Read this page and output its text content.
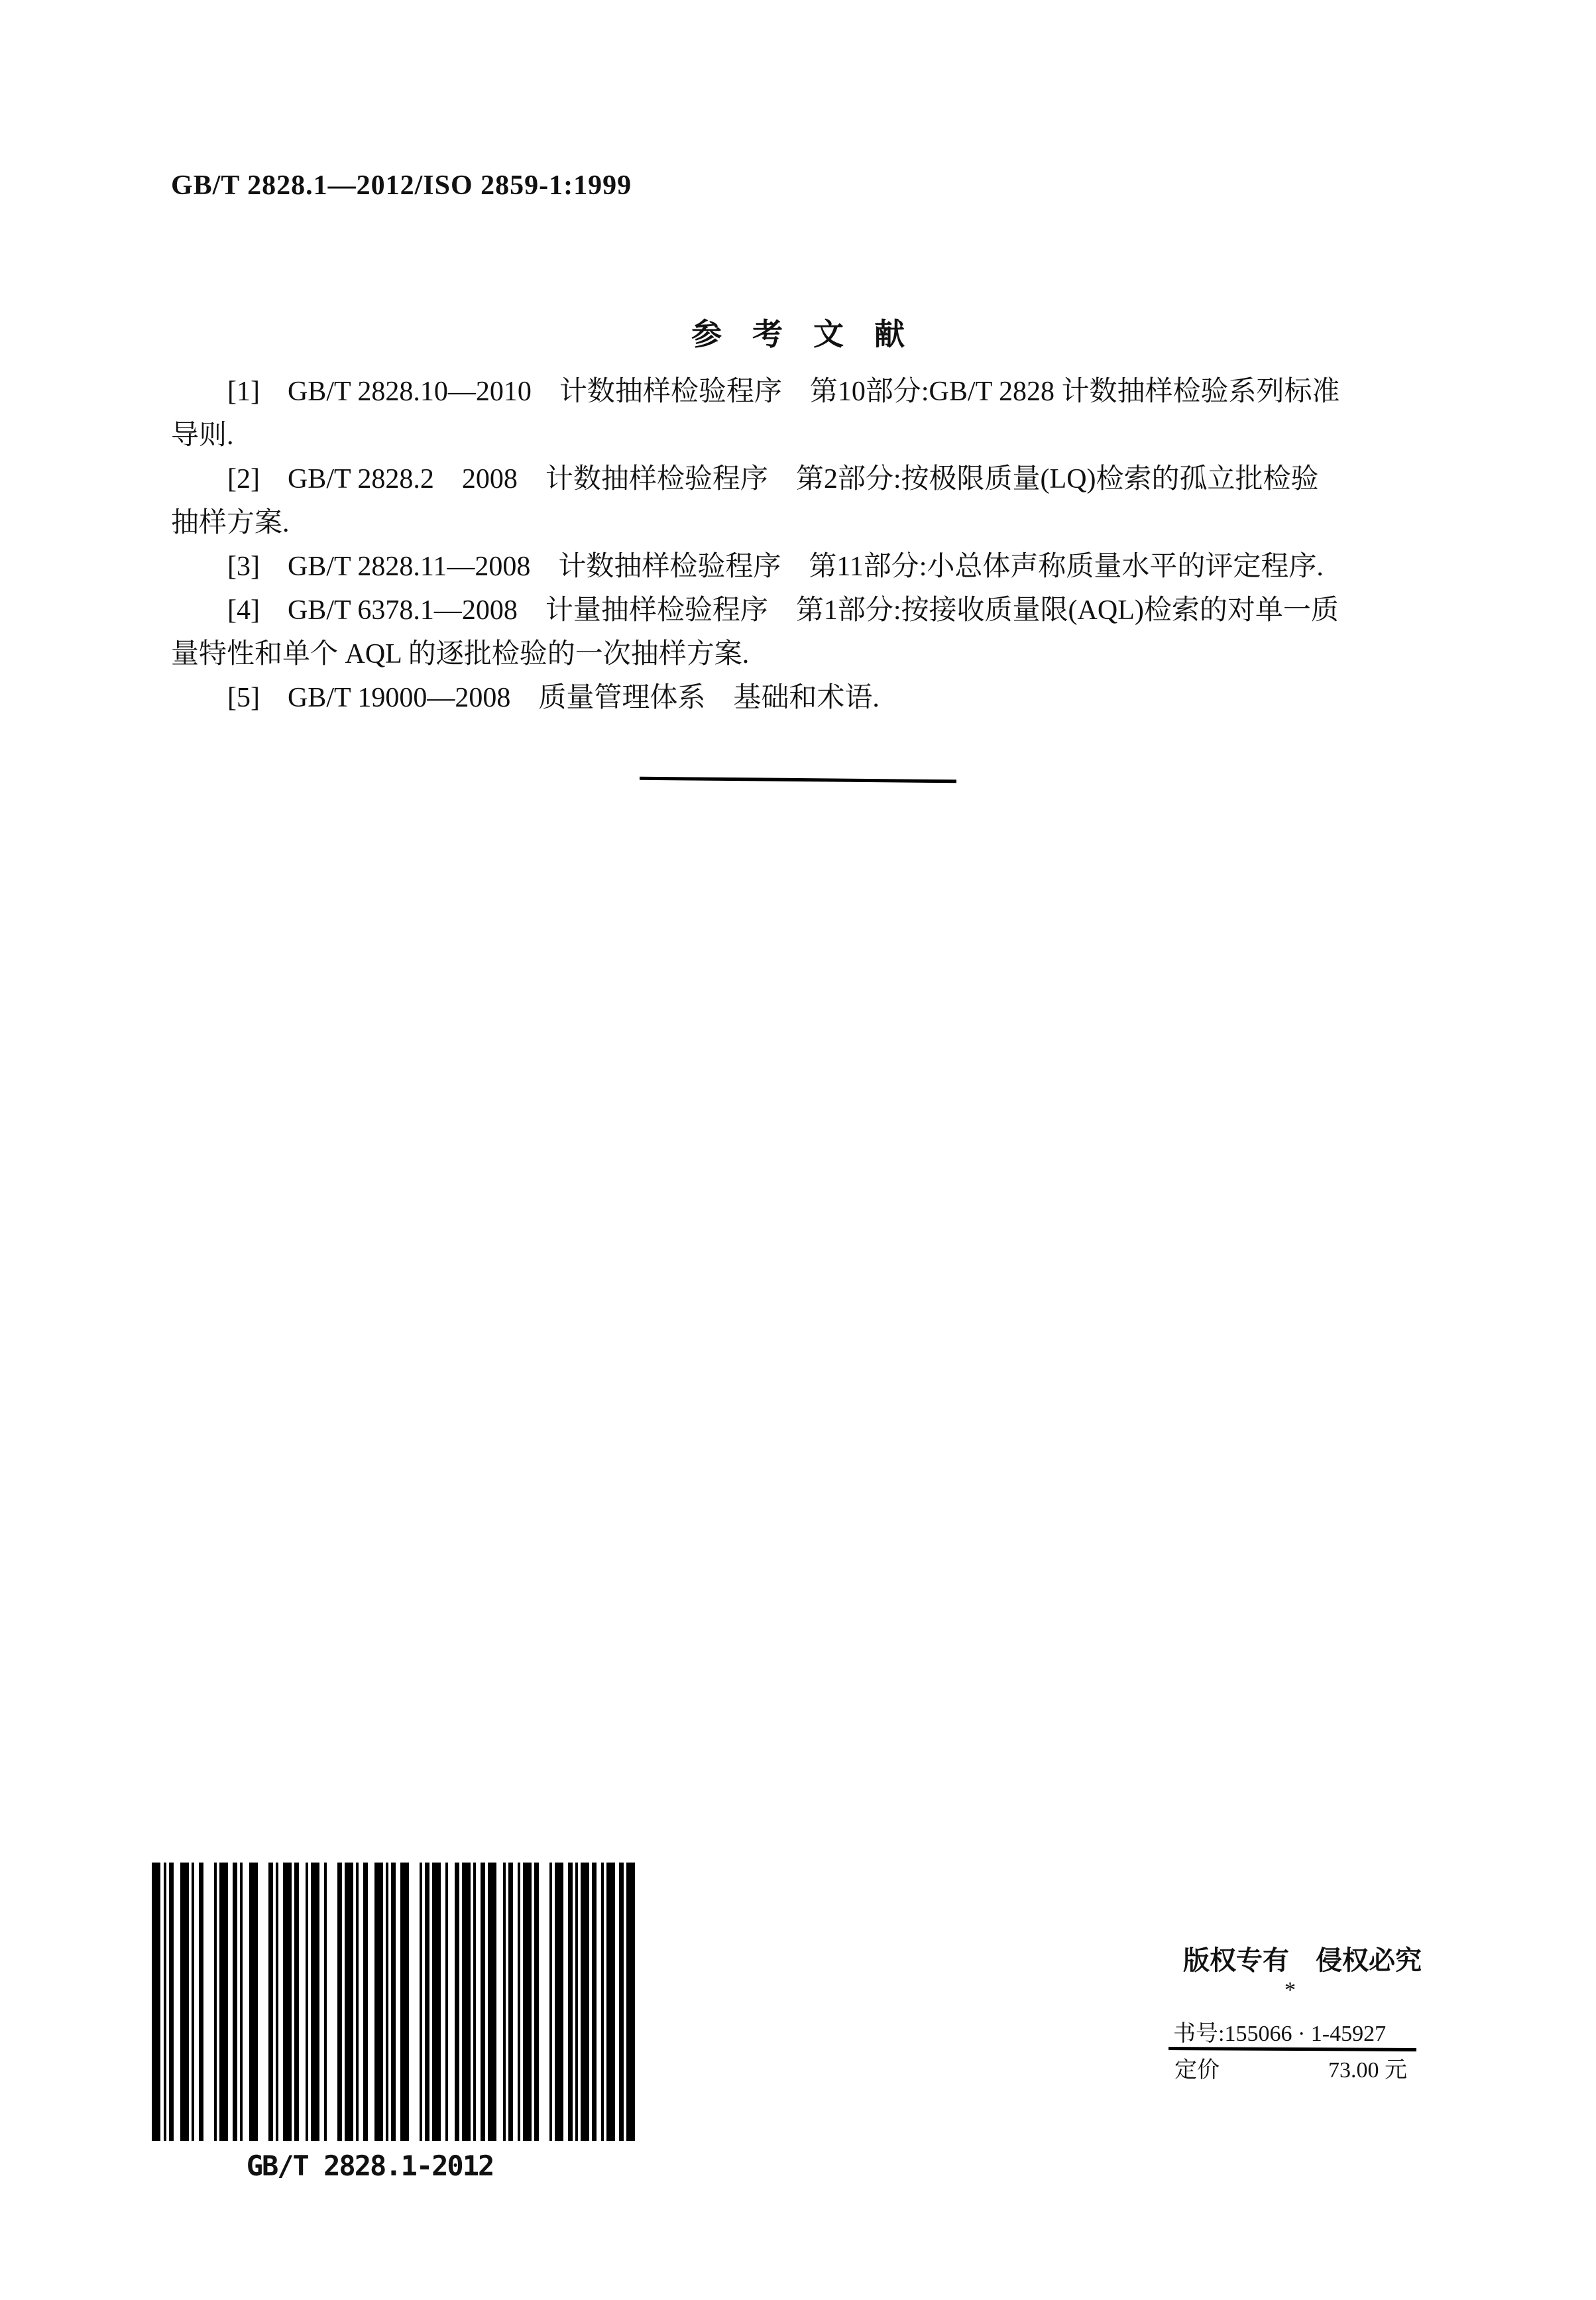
GB/T 2828.1—2012/ISO 2859-1:1999
参　考　文　献
[1]　GB/T 2828.10—2010　计数抽样检验程序　第10部分:GB/T 2828 计数抽样检验系列标准
导则.
[2]　GB/T 2828.2　2008　计数抽样检验程序　第2部分:按极限质量(LQ)检索的孤立批检验
抽样方案.
[3]　GB/T 2828.11—2008　计数抽样检验程序　第11部分:小总体声称质量水平的评定程序.
[4]　GB/T 6378.1—2008　计量抽样检验程序　第1部分:按接收质量限(AQL)检索的对单一质
量特性和单个 AQL 的逐批检验的一次抽样方案.
[5]　GB/T 19000—2008　质量管理体系　基础和术语.
GB/T 2828.1-2012
版权专有　侵权必究
*
书号:155066 · 1-45927
定价	73.00 元
